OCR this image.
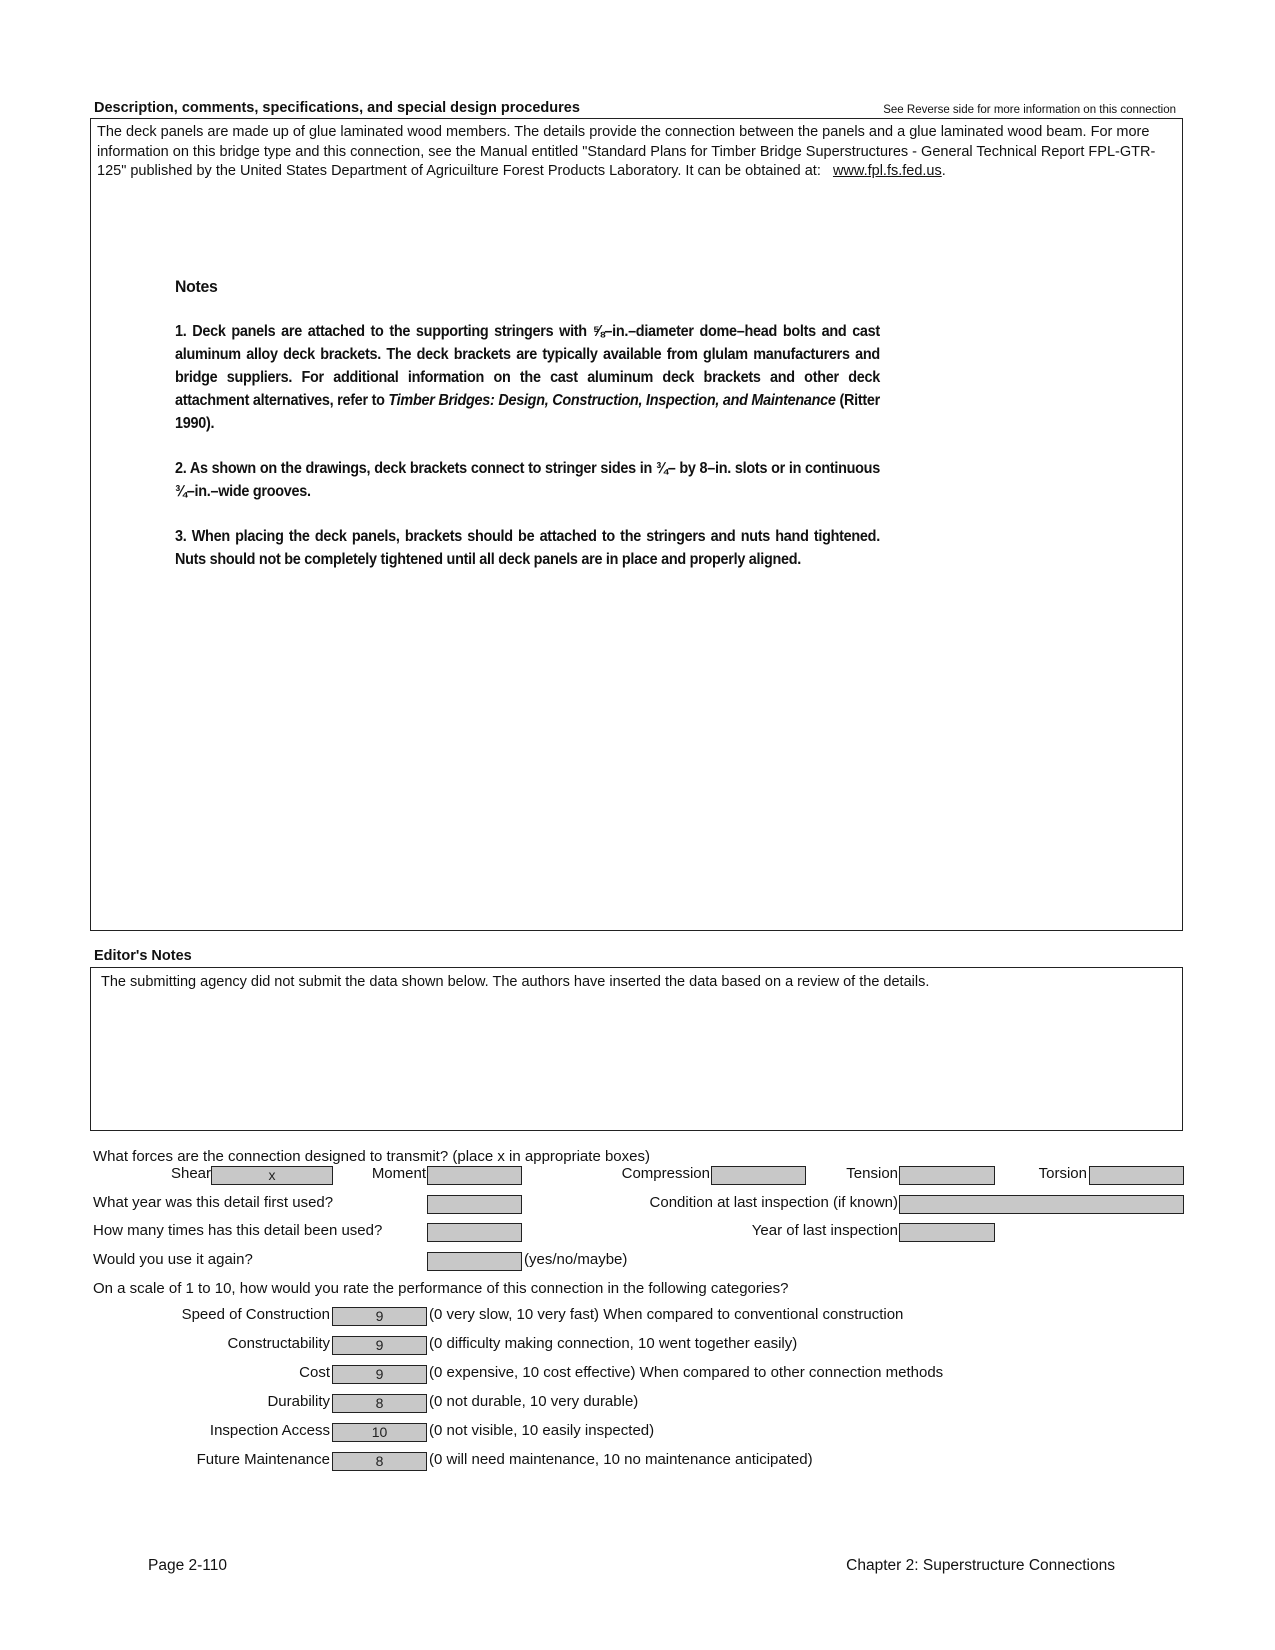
Description, comments, specifications, and special design procedures	See Reverse side for more information on this connection
The deck panels are made up of glue laminated wood members. The details provide the connection between the panels and a glue laminated wood beam. For more information on this bridge type and this connection, see the Manual entitled "Standard Plans for Timber Bridge Superstructures - General Technical Report FPL-GTR-125" published by the United States Department of Agricuilture Forest Products Laboratory. It can be obtained at: www.fpl.fs.fed.us.

Notes

1. Deck panels are attached to the supporting stringers with ⅝–in.–diameter dome–head bolts and cast aluminum alloy deck brackets. The deck brackets are typically available from glulam manufacturers and bridge suppliers. For additional information on the cast aluminum deck brackets and other deck attachment alternatives, refer to Timber Bridges: Design, Construction, Inspection, and Maintenance (Ritter 1990).

2. As shown on the drawings, deck brackets connect to stringer sides in ¾– by 8–in. slots or in continuous ¾–in.–wide grooves.

3. When placing the deck panels, brackets should be attached to the stringers and nuts hand tightened. Nuts should not be completely tightened until all deck panels are in place and properly aligned.

Editor's Notes
The submitting agency did not submit the data shown below. The authors have inserted the data based on a review of the details.
What forces are the connection designed to transmit? (place x in appropriate boxes)
Shear	x	Moment	Compression	Tension	Torsion
What year was this detail first used?	Condition at last inspection (if known)
How many times has this detail been used?	Year of last inspection
Would you use it again?	(yes/no/maybe)
On a scale of 1 to 10, how would you rate the performance of this connection in the following categories?
Speed of Construction	9	(0 very slow, 10 very fast) When compared to conventional construction
Constructability	9	(0 difficulty making connection, 10 went together easily)
Cost	9	(0 expensive, 10 cost effective) When compared to other connection methods
Durability	8	(0 not durable, 10 very durable)
Inspection Access	10	(0 not visible, 10 easily inspected)
Future Maintenance	8	(0 will need maintenance, 10 no maintenance anticipated)
Page 2-110	Chapter 2: Superstructure Connections
